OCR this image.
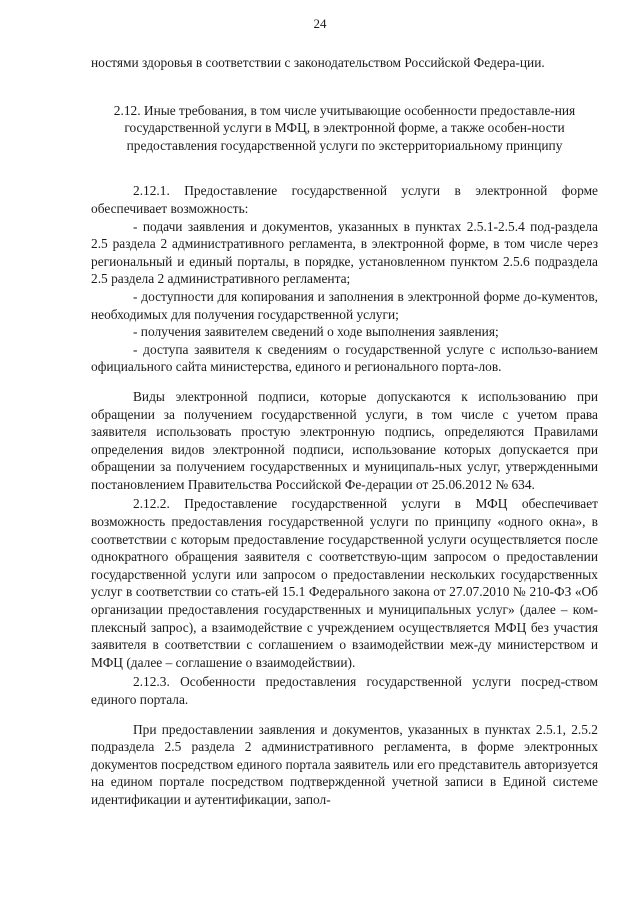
24

ностями здоровья в соответствии с законодательством Российской Федера-ции.

2.12. Иные требования, в том числе учитывающие особенности предоставле-ния государственной услуги в МФЦ, в электронной форме, а также особен-ности предоставления государственной услуги по экстерриториальному принципу

2.12.1. Предоставление государственной услуги в электронной форме обеспечивает возможность:

- подачи заявления и документов, указанных в пунктах 2.5.1-2.5.4 под-раздела 2.5 раздела 2 административного регламента, в электронной форме, в том числе через региональный и единый порталы, в порядке, установленном пунктом 2.5.6 подраздела 2.5 раздела 2 административного регламента;

- доступности для копирования и заполнения в электронной форме до-кументов, необходимых для получения государственной услуги;

- получения заявителем сведений о ходе выполнения заявления;

- доступа заявителя к сведениям о государственной услуге с использо-ванием официального сайта министерства, единого и регионального порта-лов.

Виды электронной подписи, которые допускаются к использованию при обращении за получением государственной услуги, в том числе с учетом права заявителя использовать простую электронную подпись, определяются Правилами определения видов электронной подписи, использование которых допускается при обращении за получением государственных и муниципаль-ных услуг, утвержденными постановлением Правительства Российской Фе-дерации от 25.06.2012 № 634.

2.12.2. Предоставление государственной услуги в МФЦ обеспечивает возможность предоставления государственной услуги по принципу «одного окна», в соответствии с которым предоставление государственной услуги осуществляется после однократного обращения заявителя с соответствую-щим запросом о предоставлении государственной услуги или запросом о предоставлении нескольких государственных услуг в соответствии со стать-ей 15.1 Федерального закона от 27.07.2010 № 210-ФЗ «Об организации предоставления государственных и муниципальных услуг» (далее – ком-плексный запрос), а взаимодействие с учреждением осуществляется МФЦ без участия заявителя в соответствии с соглашением о взаимодействии меж-ду министерством и МФЦ (далее – соглашение о взаимодействии).

2.12.3. Особенности предоставления государственной услуги посред-ством единого портала.

При предоставлении заявления и документов, указанных в пунктах 2.5.1, 2.5.2 подраздела 2.5 раздела 2 административного регламента, в форме электронных документов посредством единого портала заявитель или его представитель авторизуется на едином портале посредством подтвержденной учетной записи в Единой системе идентификации и аутентификации, запол-
